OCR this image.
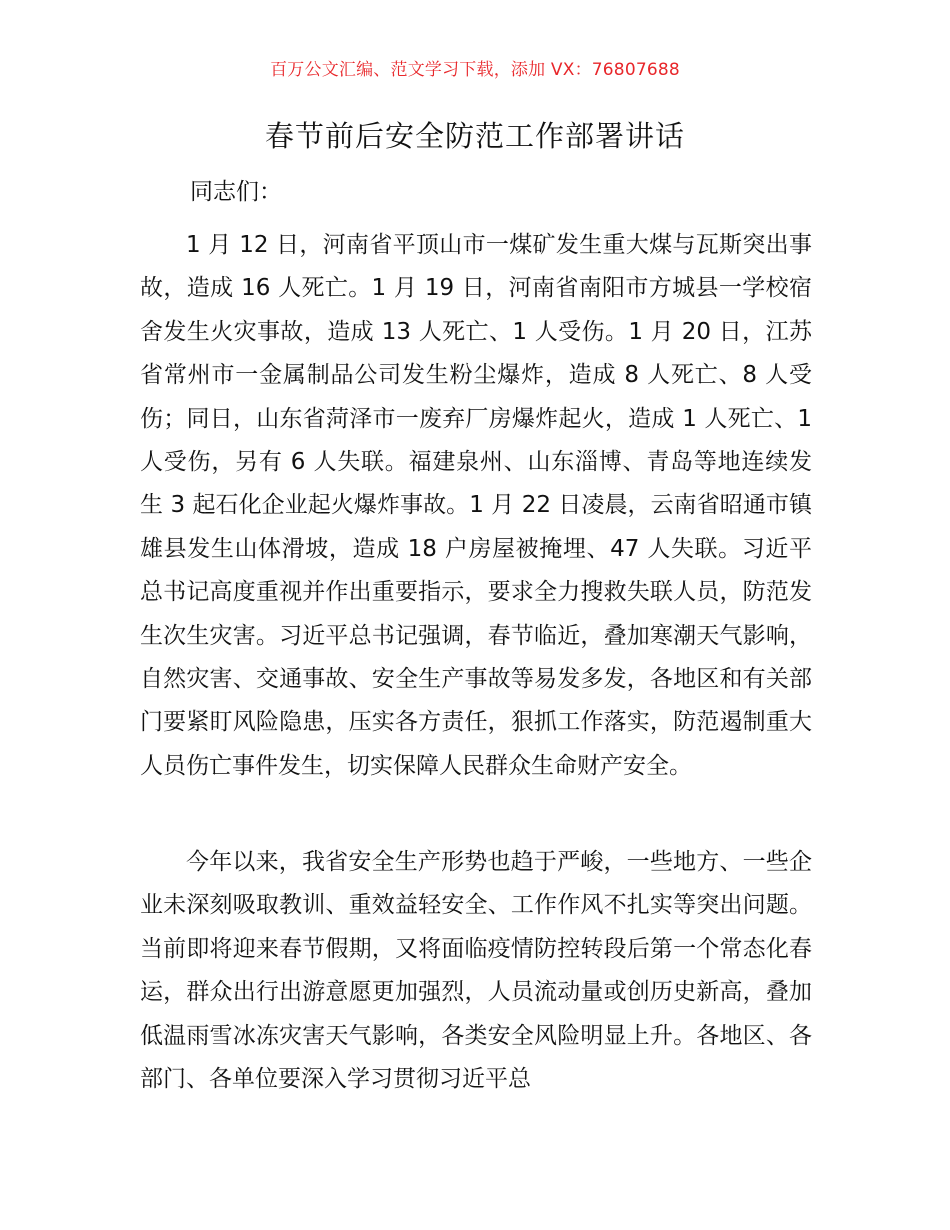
百万公文汇编、范文学习下载，添加 VX：76807688
春节前后安全防范工作部署讲话
同志们：

1 月 12 日，河南省平顶山市一煤矿发生重大煤与瓦斯突出事故，造成 16 人死亡。1 月 19 日，河南省南阳市方城县一学校宿舍发生火灾事故，造成 13 人死亡、1 人受伤。1 月 20 日，江苏省常州市一金属制品公司发生粉尘爆炸，造成 8 人死亡、8 人受伤；同日，山东省菏泽市一废弃厂房爆炸起火，造成 1 人死亡、1 人受伤，另有 6 人失联。福建泉州、山东淄博、青岛等地连续发生 3 起石化企业起火爆炸事故。1 月 22 日凌晨，云南省昭通市镇雄县发生山体滑坡，造成 18 户房屋被掩埋、47 人失联。习近平总书记高度重视并作出重要指示，要求全力搜救失联人员，防范发生次生灾害。习近平总书记强调，春节临近，叠加寒潮天气影响，自然灾害、交通事故、安全生产事故等易发多发，各地区和有关部门要紧盯风险隐患，压实各方责任，狠抓工作落实，防范遏制重大人员伤亡事件发生，切实保障人民群众生命财产安全。

今年以来，我省安全生产形势也趋于严峻，一些地方、一些企业未深刻吸取教训、重效益轻安全、工作作风不扎实等突出问题。当前即将迎来春节假期，又将面临疫情防控转段后第一个常态化春运，群众出行出游意愿更加强烈，人员流动量或创历史新高，叠加低温雨雪冰冻灾害天气影响，各类安全风险明显上升。各地区、各部门、各单位要深入学习贯彻习近平总
